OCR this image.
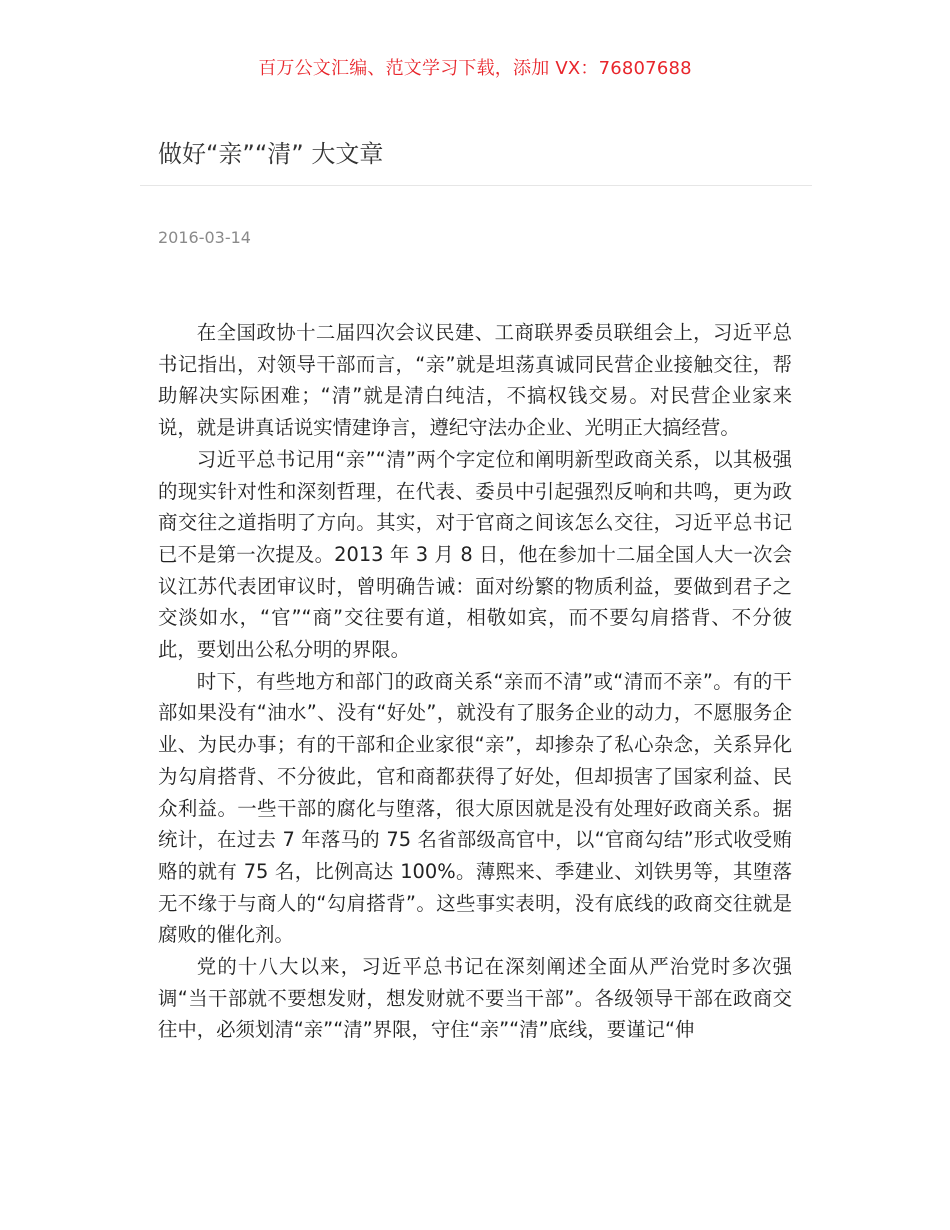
百万公文汇编、范文学习下载，添加 VX：76807688
做好“亲”“清” 大文章
2016-03-14

在全国政协十二届四次会议民建、工商联界委员联组会上，习近平总书记指出，对领导干部而言，“亲”就是坦荡真诚同民营企业接触交往，帮助解决实际困难；“清”就是清白纯洁，不搞权钱交易。对民营企业家来说，就是讲真话说实情建诤言，遵纪守法办企业、光明正大搞经营。

习近平总书记用“亲”“清”两个字定位和阐明新型政商关系，以其极强的现实针对性和深刻哲理，在代表、委员中引起强烈反响和共鸣，更为政商交往之道指明了方向。其实，对于官商之间该怎么交往，习近平总书记已不是第一次提及。2013 年 3 月 8 日，他在参加十二届全国人大一次会议江苏代表团审议时，曾明确告诫：面对纷繁的物质利益，要做到君子之交淡如水，“官”“商”交往要有道，相敬如宾，而不要勾肩搭背、不分彼此，要划出公私分明的界限。

时下，有些地方和部门的政商关系“亲而不清”或“清而不亲”。有的干部如果没有“油水”、没有“好处”，就没有了服务企业的动力，不愿服务企业、为民办事；有的干部和企业家很“亲”，却掺杂了私心杂念，关系异化为勾肩搭背、不分彼此，官和商都获得了好处，但却损害了国家利益、民众利益。一些干部的腐化与堕落，很大原因就是没有处理好政商关系。据统计，在过去 7 年落马的 75 名省部级高官中，以“官商勾结”形式收受贿赂的就有 75 名，比例高达 100%。薄熙来、季建业、刘铁男等，其堕落无不缘于与商人的“勾肩搭背”。这些事实表明，没有底线的政商交往就是腐败的催化剂。

党的十八大以来，习近平总书记在深刻阐述全面从严治党时多次强调“当干部就不要想发财，想发财就不要当干部”。各级领导干部在政商交往中，必须划清“亲”“清”界限，守住“亲”“清”底线，要谨记“伸
